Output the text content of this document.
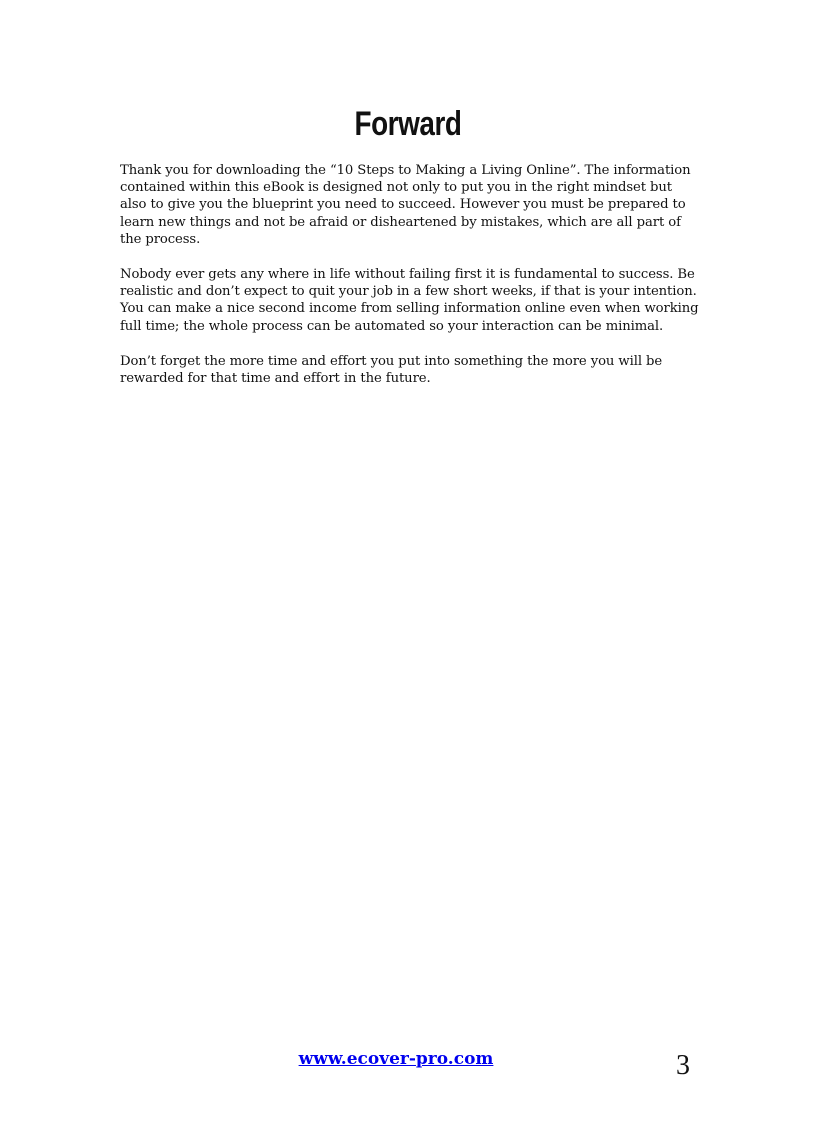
Forward

Thank you for downloading the “10 Steps to Making a Living Online”. The information contained within this eBook is designed not only to put you in the right mindset but also to give you the blueprint you need to succeed. However you must be prepared to learn new things and not be afraid or disheartened by mistakes, which are all part of the process.

Nobody ever gets any where in life without failing first it is fundamental to success. Be realistic and don’t expect to quit your job in a few short weeks, if that is your intention. You can make a nice second income from selling information online even when working full time; the whole process can be automated so your interaction can be minimal.

Don’t forget the more time and effort you put into something the more you will be rewarded for that time and effort in the future.

www.ecover-pro.com	3
